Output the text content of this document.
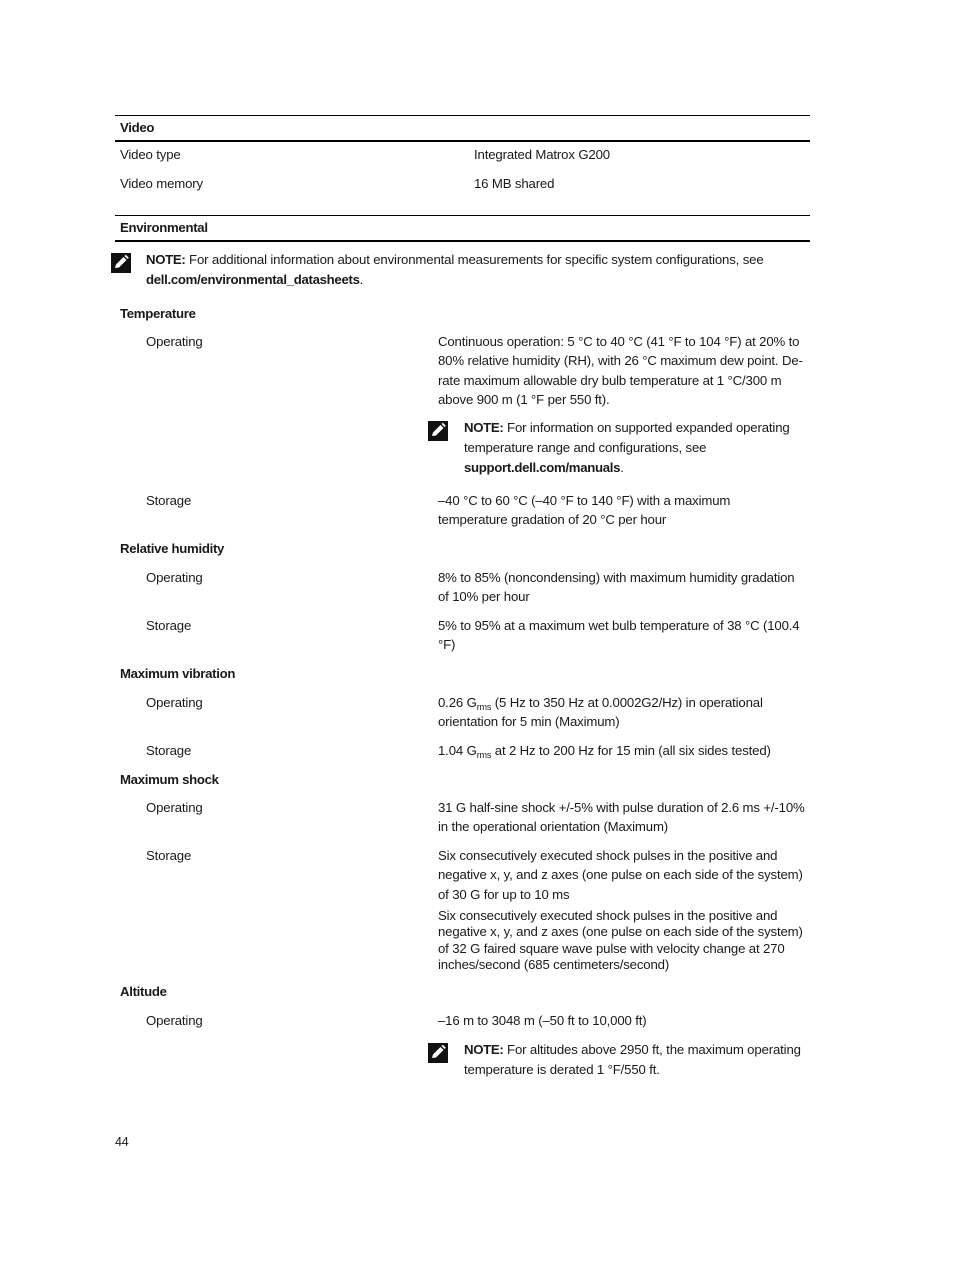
Video
Video type	Integrated Matrox G200
Video memory	16 MB shared
Environmental
NOTE: For additional information about environmental measurements for specific system configurations, see
dell.com/environmental_datasheets.
Temperature
Operating	Continuous operation: 5 °C to 40 °C (41 °F to 104 °F) at 20% to 80% relative humidity (RH), with 26 °C maximum dew point. De-rate maximum allowable dry bulb temperature at 1 °C/300 m above 900 m (1 °F per 550 ft).
NOTE: For information on supported expanded operating temperature range and configurations, see support.dell.com/manuals.
Storage	–40 °C to 60 °C (–40 °F to 140 °F) with a maximum temperature gradation of 20 °C per hour
Relative humidity
Operating	8% to 85% (noncondensing) with maximum humidity gradation of 10% per hour
Storage	5% to 95% at a maximum wet bulb temperature of 38 °C (100.4 °F)
Maximum vibration
Operating	0.26 $G_{rms}$ (5 Hz to 350 Hz at 0.0002G2/Hz) in operational orientation for 5 min (Maximum)
Storage	1.04 $G_{rms}$ at 2 Hz to 200 Hz for 15 min (all six sides tested)
Maximum shock
Operating	31 G half-sine shock +/-5% with pulse duration of 2.6 ms +/-10% in the operational orientation (Maximum)
Storage	Six consecutively executed shock pulses in the positive and negative x, y, and z axes (one pulse on each side of the system) of 30 G for up to 10 ms
Six consecutively executed shock pulses in the positive and negative x, y, and z axes (one pulse on each side of the system) of 32 G faired square wave pulse with velocity change at 270 inches/second (685 centimeters/second)
Altitude
Operating	–16 m to 3048 m (–50 ft to 10,000 ft)
NOTE: For altitudes above 2950 ft, the maximum operating temperature is derated 1 °F/550 ft.
44
